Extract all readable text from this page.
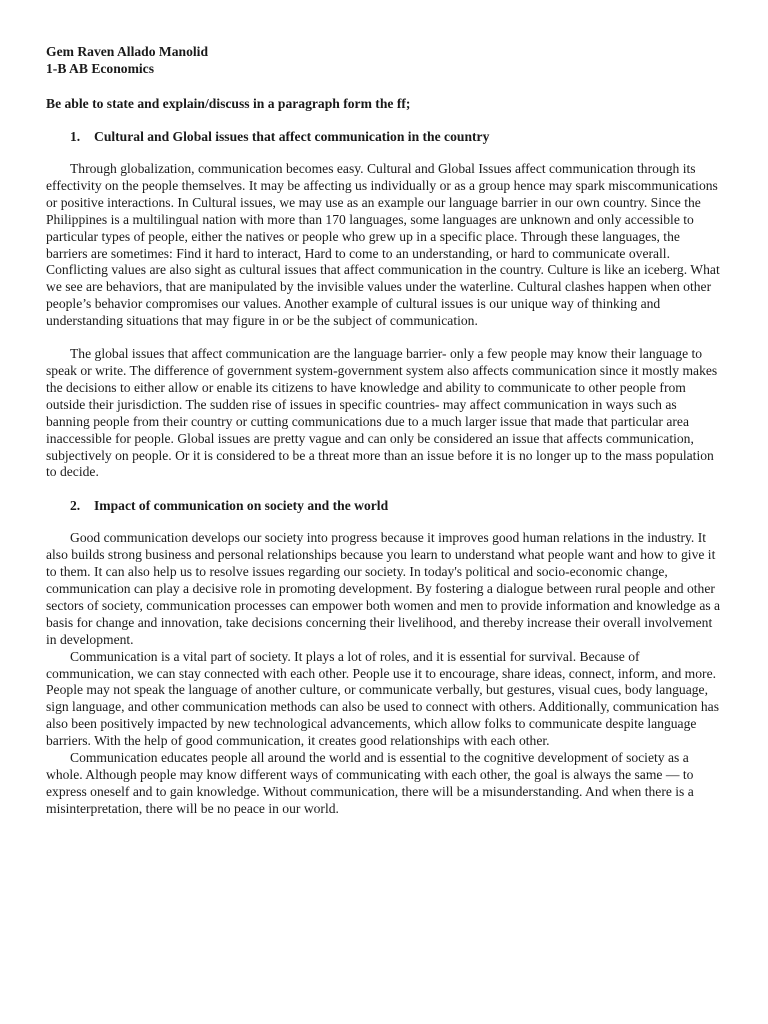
Gem Raven Allado Manolid

1-B AB Economics

Be able to state and explain/discuss in a paragraph form the ff;

1.	Cultural and Global issues that affect communication in the country

Through globalization, communication becomes easy. Cultural and Global Issues affect communication through its effectivity on the people themselves. It may be affecting us individually or as a group hence may spark miscommunications or positive interactions. In Cultural issues, we may use as an example our language barrier in our own country. Since the Philippines is a multilingual nation with more than 170 languages, some languages are unknown and only accessible to particular types of people, either the natives or people who grew up in a specific place. Through these languages, the barriers are sometimes: Find it hard to interact, Hard to come to an understanding, or hard to communicate overall. Conflicting values are also sight as cultural issues that affect communication in the country. Culture is like an iceberg. What we see are behaviors, that are manipulated by the invisible values under the waterline. Cultural clashes happen when other people’s behavior compromises our values. Another example of cultural issues is our unique way of thinking and understanding situations that may figure in or be the subject of communication.

The global issues that affect communication are the language barrier- only a few people may know their language to speak or write. The difference of government system-government system also affects communication since it mostly makes the decisions to either allow or enable its citizens to have knowledge and ability to communicate to other people from outside their jurisdiction. The sudden rise of issues in specific countries- may affect communication in ways such as banning people from their country or cutting communications due to a much larger issue that made that particular area inaccessible for people. Global issues are pretty vague and can only be considered an issue that affects communication, subjectively on people. Or it is considered to be a threat more than an issue before it is no longer up to the mass population to decide.

2.	Impact of communication on society and the world

Good communication develops our society into progress because it improves good human relations in the industry. It also builds strong business and personal relationships because you learn to understand what people want and how to give it to them. It can also help us to resolve issues regarding our society. In today's political and socio-economic change, communication can play a decisive role in promoting development. By fostering a dialogue between rural people and other sectors of society, communication processes can empower both women and men to provide information and knowledge as a basis for change and innovation, take decisions concerning their livelihood, and thereby increase their overall involvement in development.

Communication is a vital part of society. It plays a lot of roles, and it is essential for survival. Because of communication, we can stay connected with each other. People use it to encourage, share ideas, connect, inform, and more. People may not speak the language of another culture, or communicate verbally, but gestures, visual cues, body language, sign language, and other communication methods can also be used to connect with others. Additionally, communication has also been positively impacted by new technological advancements, which allow folks to communicate despite language barriers. With the help of good communication, it creates good relationships with each other.

Communication educates people all around the world and is essential to the cognitive development of society as a whole. Although people may know different ways of communicating with each other, the goal is always the same — to express oneself and to gain knowledge. Without communication, there will be a misunderstanding. And when there is a misinterpretation, there will be no peace in our world.
